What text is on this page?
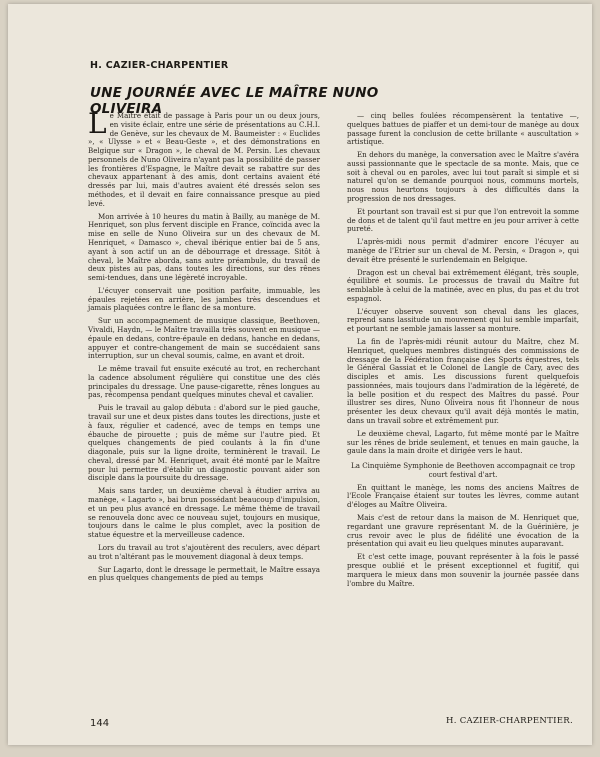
H. CAZIER-CHARPENTIER
UNE JOURNÉE AVEC LE MAÎTRE NUNO OLIVEIRA

Le Maître était de passage à Paris pour un ou deux jours, en visite éclair, entre une série de présentations au C.H.I. de Genève, sur les chevaux de M. Baumeister : « Euclides », « Ulysse » et « Beau-Geste », et des démonstrations en Belgique sur « Dragon », le cheval de M. Persin. Les chevaux personnels de Nuno Oliveira n'ayant pas la possibilité de passer les frontières d'Espagne, le Maître devait se rabattre sur des chevaux appartenant à des amis, dont certains avaient été dressés par lui, mais d'autres avaient été dressés selon ses méthodes, et il devait en faire connaissance presque au pied levé.

Mon arrivée à 10 heures du matin à Bailly, au manège de M. Henriquet, son plus fervent disciple en France, coïncida avec la mise en selle de Nuno Oliveira sur un des chevaux de M. Henriquet, « Damasco », cheval ibérique entier bai de 5 ans, ayant à son actif un an de débourrage et dressage. Sitôt à cheval, le Maître aborda, sans autre préambule, du travail de deux pistes au pas, dans toutes les directions, sur des rênes semi-tendues, dans une légèreté incroyable.

L'écuyer conservait une position parfaite, immuable, les épaules rejetées en arrière, les jambes très descendues et jamais plaquées contre le flanc de sa monture.

Sur un accompagnement de musique classique, Beethoven, Vivaldi, Haydn, — le Maître travailla très souvent en musique — épaule en dedans, contre-épaule en dedans, hanche en dedans, appuyer et contre-changement de main se succédaient sans interruption, sur un cheval soumis, calme, en avant et droit.

Le même travail fut ensuite exécuté au trot, en recherchant la cadence absolument régulière qui constitue une des clés principales du dressage. Une pause-cigarette, rênes longues au pas, récompensa pendant quelques minutes cheval et cavalier.

Puis le travail au galop débuta : d'abord sur le pied gauche, travail sur une et deux pistes dans toutes les directions, juste et à faux, régulier et cadencé, avec de temps en temps une ébauche de pirouette ; puis de même sur l'autre pied. Et quelques changements de pied coulants à la fin d'une diagonale, puis sur la ligne droite, terminèrent le travail. Le cheval, dressé par M. Henriquet, avait été monté par le Maître pour lui permettre d'établir un diagnostic pouvant aider son disciple dans la poursuite du dressage.

Mais sans tarder, un deuxième cheval à étudier arriva au manège, « Lagarto », bai brun possédant beaucoup d'impulsion, et un peu plus avancé en dressage. Le même thème de travail se renouvela donc avec ce nouveau sujet, toujours en musique, toujours dans le calme le plus complet, avec la position de statue équestre et la merveilleuse cadence.

Lors du travail au trot s'ajoutèrent des reculers, avec départ au trot n'altérant pas le mouvement diagonal à deux temps.

Sur Lagarto, dont le dressage le permettait, le Maître essaya en plus quelques changements de pied au temps

— cinq belles foulées récompensèrent la tentative —, quelques battues de piaffer et un demi-tour de manège au doux passage furent la conclusion de cette brillante « auscultation » artistique.

En dehors du manège, la conversation avec le Maître s'avéra aussi passionnante que le spectacle de sa monte. Mais, que ce soit à cheval ou en paroles, avec lui tout paraît si simple et si naturel qu'on se demande pourquoi nous, communs mortels, nous nous heurtons toujours à des difficultés dans la progression de nos dressages.

Et pourtant son travail est si pur que l'on entrevoit la somme de dons et de talent qu'il faut mettre en jeu pour arriver à cette pureté.

L'après-midi nous permit d'admirer encore l'écuyer au manège de l'Etrier sur un cheval de M. Persin, « Dragon », qui devait être présenté le surlendemain en Belgique.

Dragon est un cheval bai extrêmement élégant, très souple, équilibré et soumis. Le processus de travail du Maître fut semblable à celui de la matinée, avec en plus, du pas et du trot espagnol.

L'écuyer observe souvent son cheval dans les glaces, reprend sans lassitude un mouvement qui lui semble imparfait, et pourtant ne semble jamais lasser sa monture.

La fin de l'après-midi réunit autour du Maître, chez M. Henriquet, quelques membres distingués des commissions de dressage de la Fédération française des Sports équestres, tels le Général Gassiat et le Colonel de Langle de Cary, avec des disciples et amis. Les discussions furent quelquefois passionnées, mais toujours dans l'admiration de la légèreté, de la belle position et du respect des Maîtres du passé. Pour illustrer ses dires, Nuno Oliveira nous fit l'honneur de nous présenter les deux chevaux qu'il avait déjà montés le matin, dans un travail sobre et extrêmement pur.

Le deuxième cheval, Lagarto, fut même monté par le Maître sur les rênes de bride seulement, et tenues en main gauche, la gaule dans la main droite et dirigée vers le haut.

La Cinquième Symphonie de Beethoven accompagnait ce trop court festival d'art.

En quittant le manège, les noms des anciens Maîtres de l'Ecole Française étaient sur toutes les lèvres, comme autant d'éloges au Maître Oliveira.

Mais c'est de retour dans la maison de M. Henriquet que, regardant une gravure représentant M. de la Guérinière, je crus revoir avec le plus de fidélité une évocation de la présentation qui avait eu lieu quelques minutes auparavant.

Et c'est cette image, pouvant représenter à la fois le passé presque oublié et le présent exceptionnel et fugitif, qui marquera le mieux dans mon souvenir la journée passée dans l'ombre du Maître.

144	H. CAZIER-CHARPENTIER.
